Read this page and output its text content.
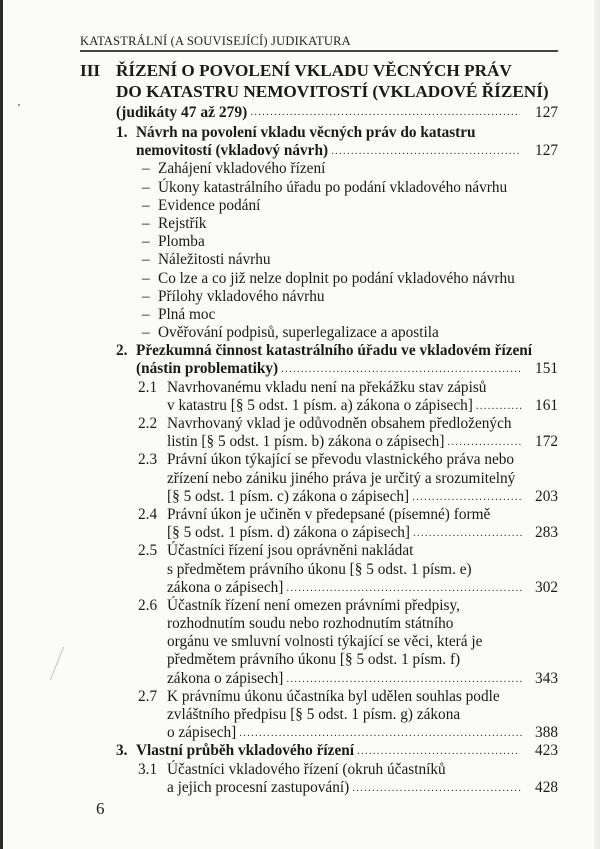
KATASTRÁLNÍ (A SOUVISEJÍCÍ) JUDIKATURA
III ŘÍZENÍ O POVOLENÍ VKLADU VĚCNÝCH PRÁV
DO KATASTRU NEMOVITOSTÍ (VKLADOVÉ ŘÍZENÍ)
(judikáty 47 až 279) .....	127
1. Návrh na povolení vkladu věcných práv do katastru
nemovitostí (vkladový návrh) .....	127
– Zahájení vkladového řízení
– Úkony katastrálního úřadu po podání vkladového návrhu
– Evidence podání
– Rejstřík
– Plomba
– Náležitosti návrhu
– Co lze a co již nelze doplnit po podání vkladového návrhu
– Přílohy vkladového návrhu
– Plná moc
– Ověřování podpisů, superlegalizace a apostila
2. Přezkumná činnost katastrálního úřadu ve vkladovém řízení
(nástin problematiky) .....	151
2.1 Navrhovanému vkladu není na překážku stav zápisů
v katastru [§ 5 odst. 1 písm. a) zákona o zápisech] .....	161
2.2 Navrhovaný vklad je odůvodněn obsahem předložených
listin [§ 5 odst. 1 písm. b) zákona o zápisech] .....	172
2.3 Právní úkon týkající se převodu vlastnického práva nebo
zřízení nebo zániku jiného práva je určitý a srozumitelný
[§ 5 odst. 1 písm. c) zákona o zápisech] .....	203
2.4 Právní úkon je učiněn v předepsané (písemné) formě
[§ 5 odst. 1 písm. d) zákona o zápisech] .....	283
2.5 Účastníci řízení jsou oprávněni nakládat
s předmětem právního úkonu [§ 5 odst. 1 písm. e)
zákona o zápisech] .....	302
2.6 Účastník řízení není omezen právními předpisy,
rozhodnutím soudu nebo rozhodnutím státního
orgánu ve smluvní volnosti týkající se věci, která je
předmětem právního úkonu [§ 5 odst. 1 písm. f)
zákona o zápisech] .....	343
2.7 K právnímu úkonu účastníka byl udělen souhlas podle
zvláštního předpisu [§ 5 odst. 1 písm. g) zákona
o zápisech] .....	388
3. Vlastní průběh vkladového řízení .....	423
3.1 Účastníci vkladového řízení (okruh účastníků
a jejich procesní zastupování) .....	428
6
